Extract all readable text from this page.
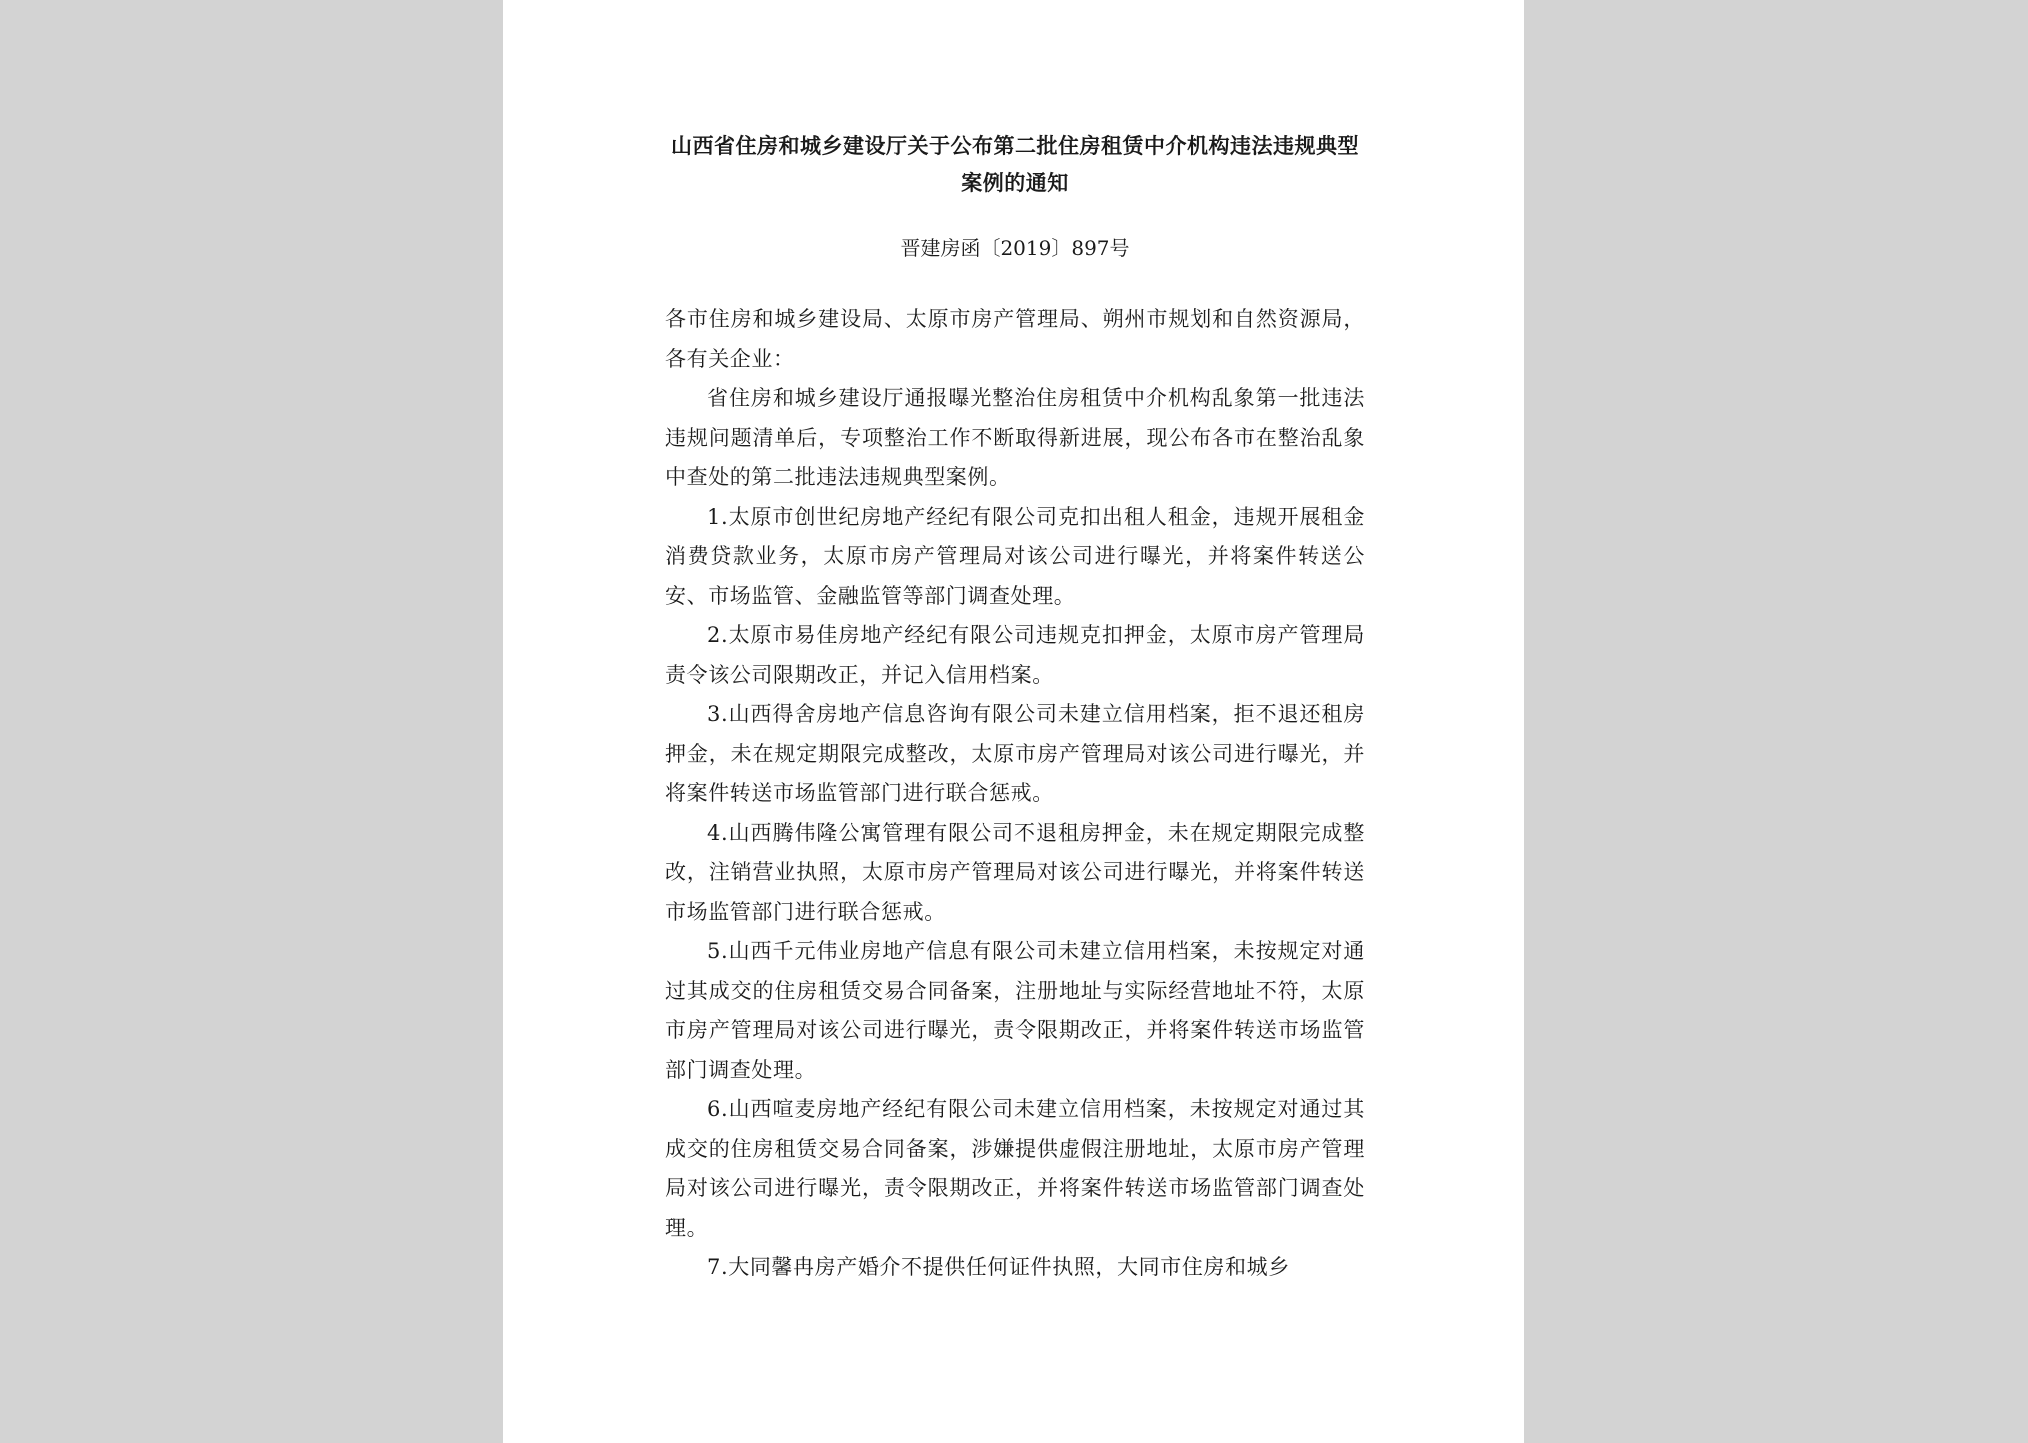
山西省住房和城乡建设厅关于公布第二批住房租赁中介机构违法违规典型案例的通知

晋建房函〔2019〕897号

各市住房和城乡建设局、太原市房产管理局、朔州市规划和自然资源局，各有关企业：

省住房和城乡建设厅通报曝光整治住房租赁中介机构乱象第一批违法违规问题清单后，专项整治工作不断取得新进展，现公布各市在整治乱象中查处的第二批违法违规典型案例。

1.太原市创世纪房地产经纪有限公司克扣出租人租金，违规开展租金消费贷款业务，太原市房产管理局对该公司进行曝光，并将案件转送公安、市场监管、金融监管等部门调查处理。

2.太原市易佳房地产经纪有限公司违规克扣押金，太原市房产管理局责令该公司限期改正，并记入信用档案。

3.山西得舍房地产信息咨询有限公司未建立信用档案，拒不退还租房押金，未在规定期限完成整改，太原市房产管理局对该公司进行曝光，并将案件转送市场监管部门进行联合惩戒。

4.山西腾伟隆公寓管理有限公司不退租房押金，未在规定期限完成整改，注销营业执照，太原市房产管理局对该公司进行曝光，并将案件转送市场监管部门进行联合惩戒。

5.山西千元伟业房地产信息有限公司未建立信用档案，未按规定对通过其成交的住房租赁交易合同备案，注册地址与实际经营地址不符，太原市房产管理局对该公司进行曝光，责令限期改正，并将案件转送市场监管部门调查处理。

6.山西喧麦房地产经纪有限公司未建立信用档案，未按规定对通过其成交的住房租赁交易合同备案，涉嫌提供虚假注册地址，太原市房产管理局对该公司进行曝光，责令限期改正，并将案件转送市场监管部门调查处理。

7.大同馨冉房产婚介不提供任何证件执照，大同市住房和城乡
